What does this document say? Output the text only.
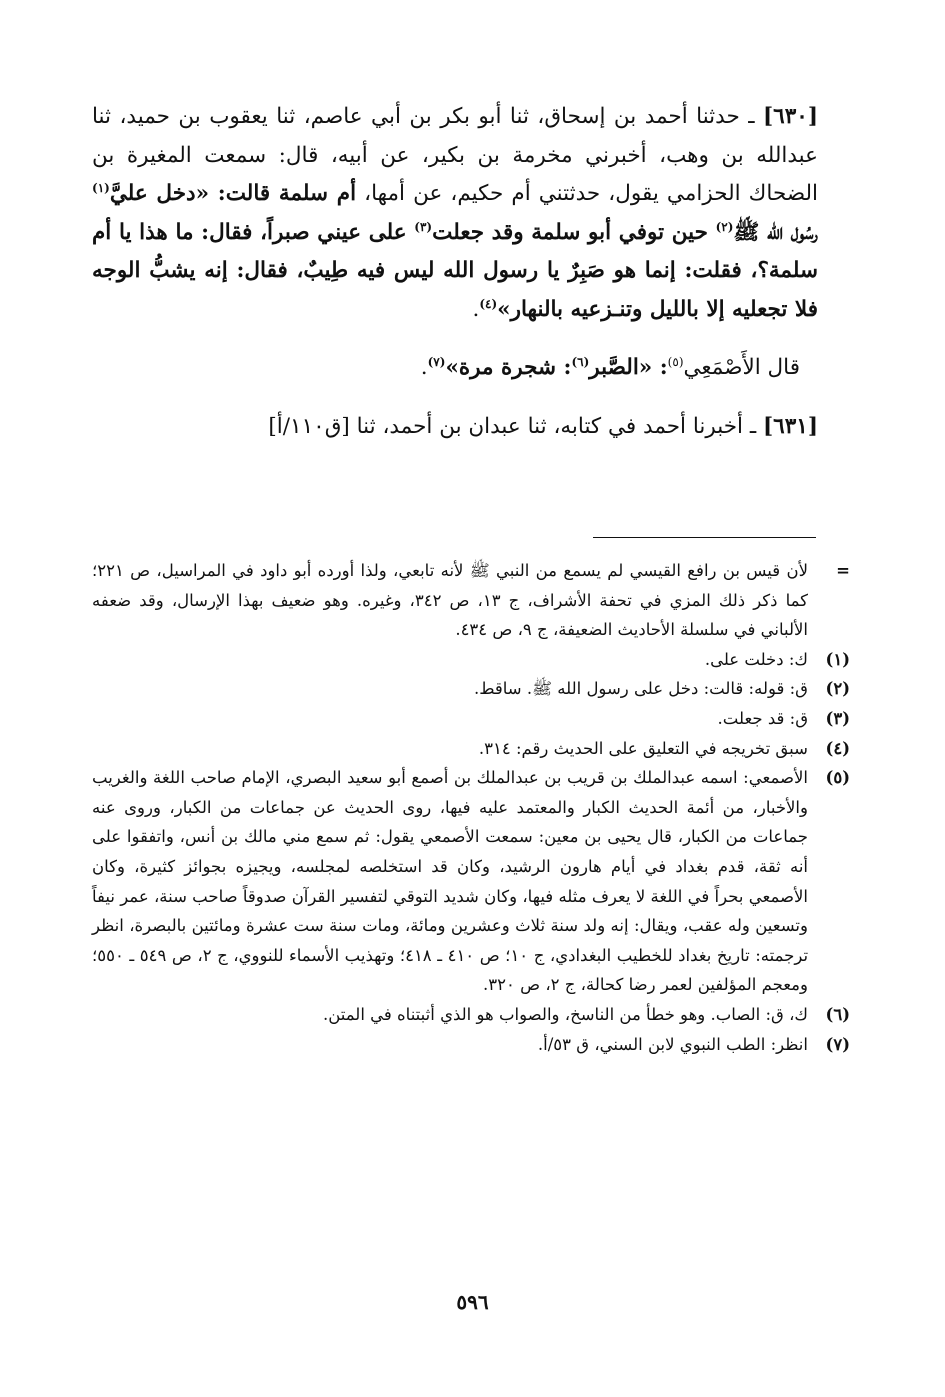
[٦٣٠] ـ حدثنا أحمد بن إسحاق، ثنا أبو بكر بن أبي عاصم، ثنا يعقوب بن حميد، ثنا عبدالله بن وهب، أخبرني مخرمة بن بكير، عن أبيه، قال: سمعت المغيرة بن الضحاك الحزامي يقول، حدثتني أم حكيم، عن أمها، أم سلمة قالت: «دخل عليَّ$^{(١)}$ رسُول الله ﷺ$^{(٢)}$ حين توفي أبو سلمة وقد جعلت$^{(٣)}$ على عيني صبراً، فقال: ما هذا يا أم سلمة؟، فقلت: إنما هو صَبِرٌ يا رسول الله ليس فيه طِيبٌ، فقال: إنه يشبُّ الوجه فلا تجعليه إلا بالليل وتنـزعيه بالنهار»$^{(٤)}$.

قال الأَصْمَعِي$^{(٥)}$: «الصَّبر$^{(٦)}$: شجرة مرة»$^{(٧)}$.

[٦٣١] ـ أخبرنا أحمد في كتابه، ثنا عبدان بن أحمد، ثنا [ق١١٠/أ]

=
لأن قيس بن رافع القيسي لم يسمع من النبي ﷺ لأنه تابعي، ولذا أورده أبو داود في المراسيل، ص ٢٢١؛ كما ذكر ذلك المزي في تحفة الأشراف، ج ١٣، ص ٣٤٢، وغيره. وهو ضعيف بهذا الإرسال، وقد ضعفه الألباني في سلسلة الأحاديث الضعيفة، ج ٩، ص ٤٣٤.
(١)
ك: دخلت على.
(٢)
ق: قوله: قالت: دخل على رسول الله ﷺ. ساقط.
(٣)
ق: قد جعلت.
(٤)
سبق تخريجه في التعليق على الحديث رقم: ٣١٤.
(٥)
الأصمعي: اسمه عبدالملك بن قريب بن عبدالملك بن أصمع أبو سعيد البصري، الإمام صاحب اللغة والغريب والأخبار، من أئمة الحديث الكبار والمعتمد عليه فيها، روى الحديث عن جماعات من الكبار، وروى عنه جماعات من الكبار، قال يحيى بن معين: سمعت الأصمعي يقول: ثم سمع مني مالك بن أنس، واتفقوا على أنه ثقة، قدم بغداد في أيام هارون الرشيد، وكان قد استخلصه لمجلسه، ويجيزه بجوائز كثيرة، وكان الأصمعي بحراً في اللغة لا يعرف مثله فيها، وكان شديد التوقي لتفسير القرآن صدوقاً صاحب سنة، عمر نيفاً وتسعين وله عقب، ويقال: إنه ولد سنة ثلاث وعشرين ومائة، ومات سنة ست عشرة ومائتين بالبصرة، انظر ترجمته: تاريخ بغداد للخطيب البغدادي، ج ١٠؛ ص ٤١٠ ـ ٤١٨؛ وتهذيب الأسماء للنووي، ج ٢، ص ٥٤٩ ـ ٥٥٠؛ ومعجم المؤلفين لعمر رضا كحالة، ج ٢، ص ٣٢٠.
(٦)
ك، ق: الصاب. وهو خطأ من الناسخ، والصواب هو الذي أثبتناه في المتن.
(٧)
انظر: الطب النبوي لابن السني، ق ٥٣/أ.
٥٩٦
